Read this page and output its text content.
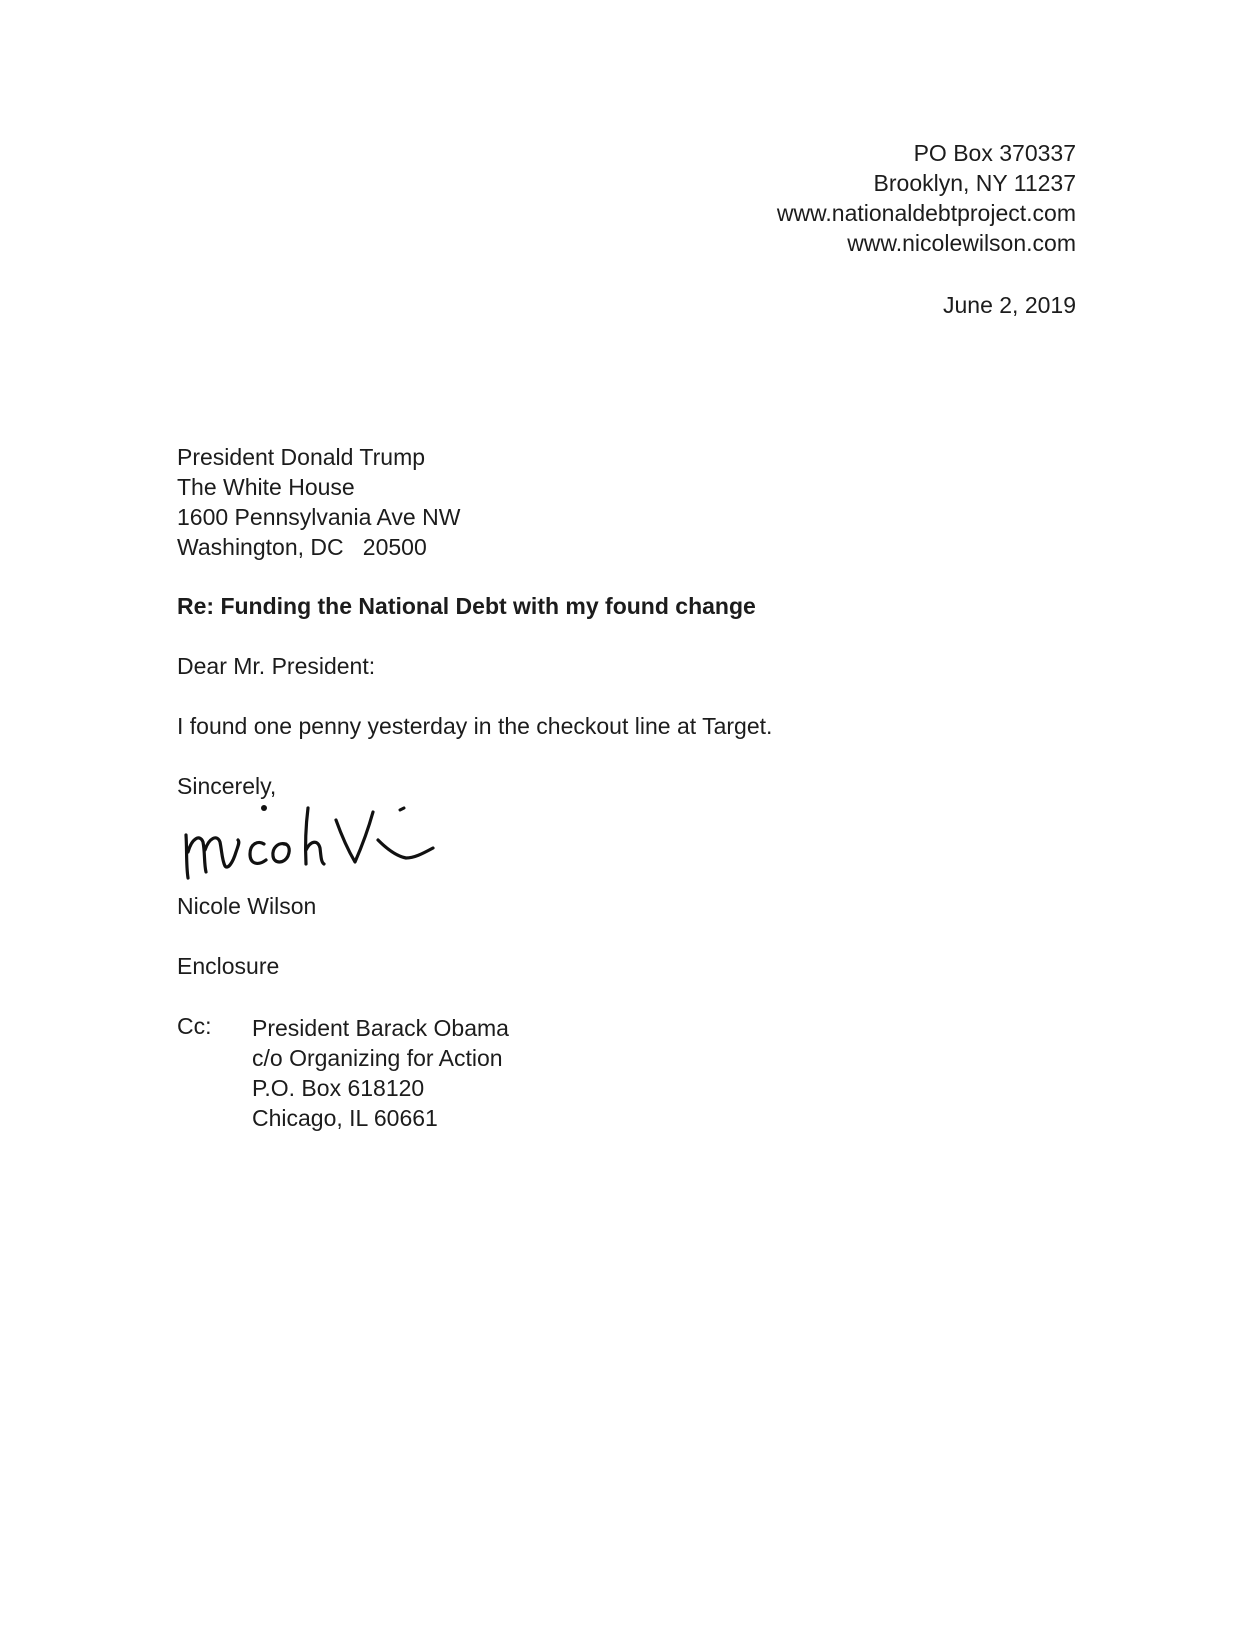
PO Box 370337
Brooklyn, NY 11237
www.nationaldebtproject.com
www.nicolewilson.com
June 2, 2019
President Donald Trump
The White House
1600 Pennsylvania Ave NW
Washington, DC   20500
Re: Funding the National Debt with my found change
Dear Mr. President:
I found one penny yesterday in the checkout line at Target.
Sincerely,
Nicole Wilson
Enclosure
Cc: President Barack Obama
c/o Organizing for Action
P.O. Box 618120
Chicago, IL 60661
